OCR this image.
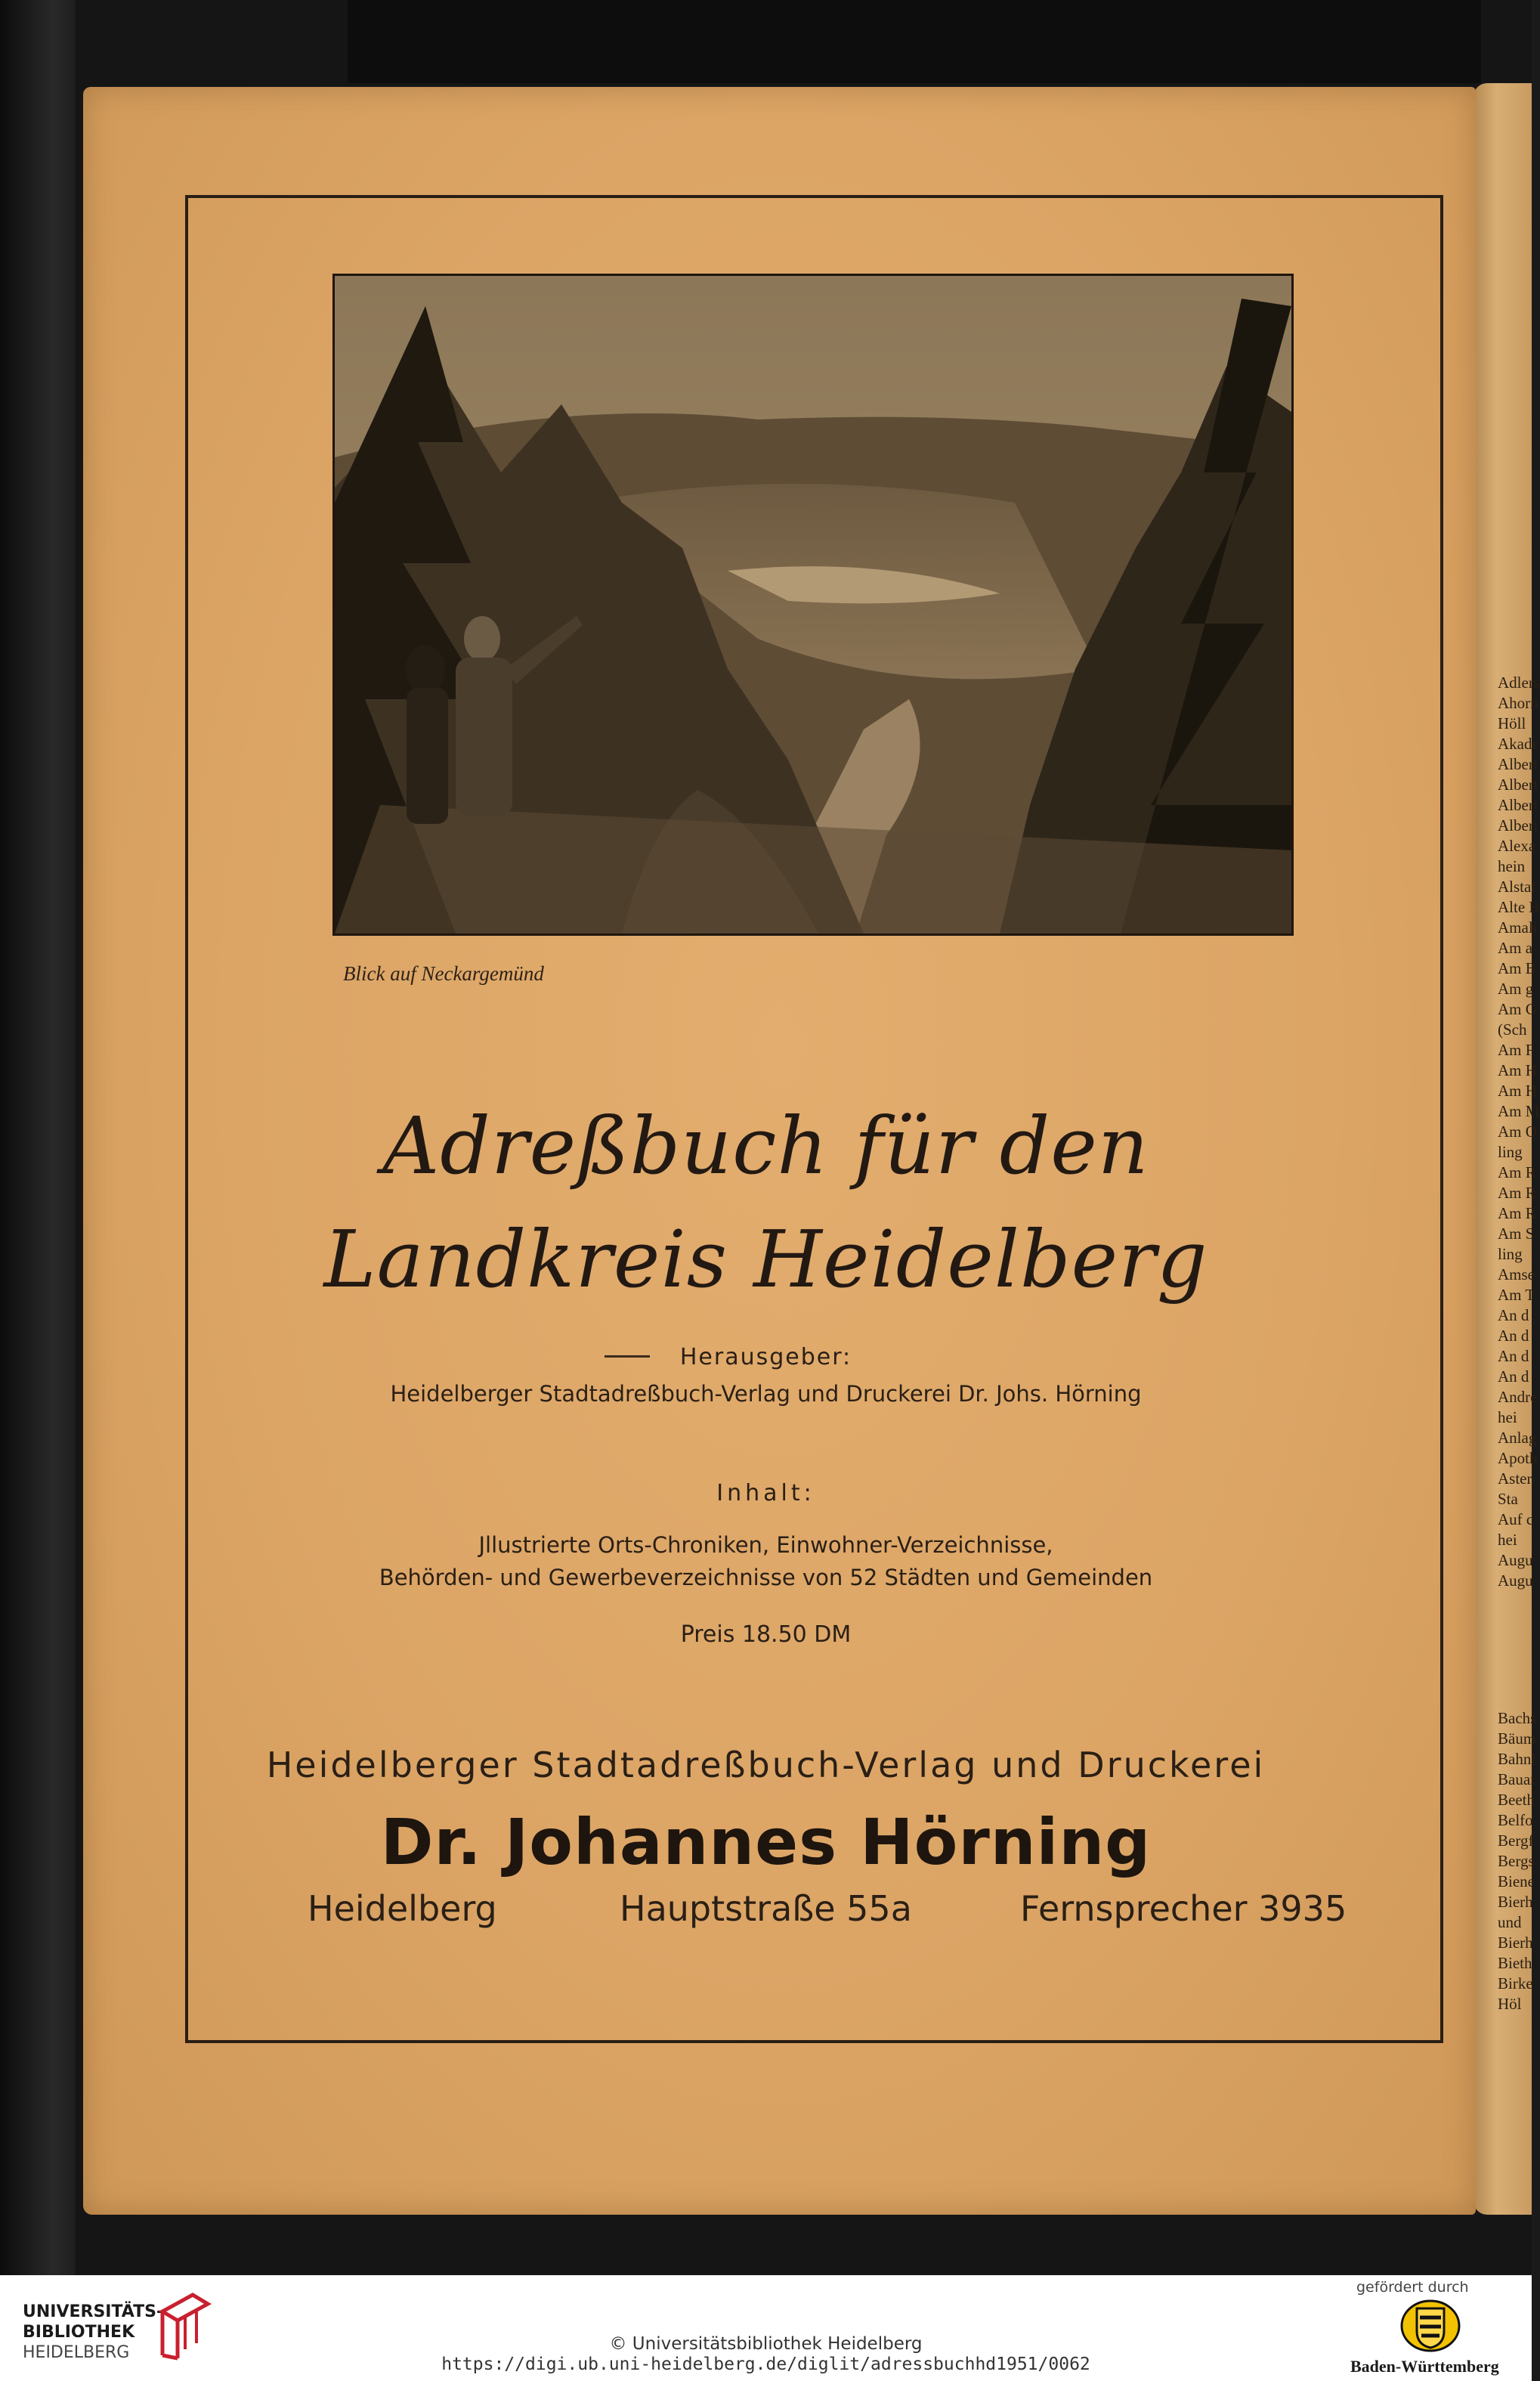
Adlers
Ahorn
Höll
Akade
Albert
Albert
Albert
Albert
Alexa
hein
Alstat
Alte B
Amali
Am a
Am B
Am g
Am G
(Sch
Am F
Am H
Am H
Am M
Am O
ling
Am R
Am R
Am R
Am S
ling
Amse
Am T
An d
An d
An d
An d
Andre
hei
Anlag
Apoth
Aster
Sta
Auf c
hei
Augu
Augu
Bachs
Bäum
Bahnl
Bauar
Beeth
Belfo
Bergf
Bergs
Biene
Bierh
und
Bierh
Bieth
Birke
Höl
Blick auf Neckargemünd
Adreßbuch für den
Landkreis Heidelberg
Herausgeber:
Heidelberger Stadtadreßbuch-Verlag und Druckerei Dr. Johs. Hörning
Inhalt:
Jllustrierte Orts-Chroniken, Einwohner-Verzeichnisse,
Behörden- und Gewerbeverzeichnisse von 52 Städten und Gemeinden
Preis 18.50 DM
Heidelberger Stadtadreßbuch-Verlag und Druckerei
Dr. Johannes Hörning
Heidelberg	Hauptstraße 55a	Fernsprecher 3935
UNIVERSITÄTS-
BIBLIOTHEK
HEIDELBERG	© Universitätsbibliothek Heidelberg
https://digi.ub.uni-heidelberg.de/diglit/adressbuchhd1951/0062
gefördert durch
Baden-Württemberg
